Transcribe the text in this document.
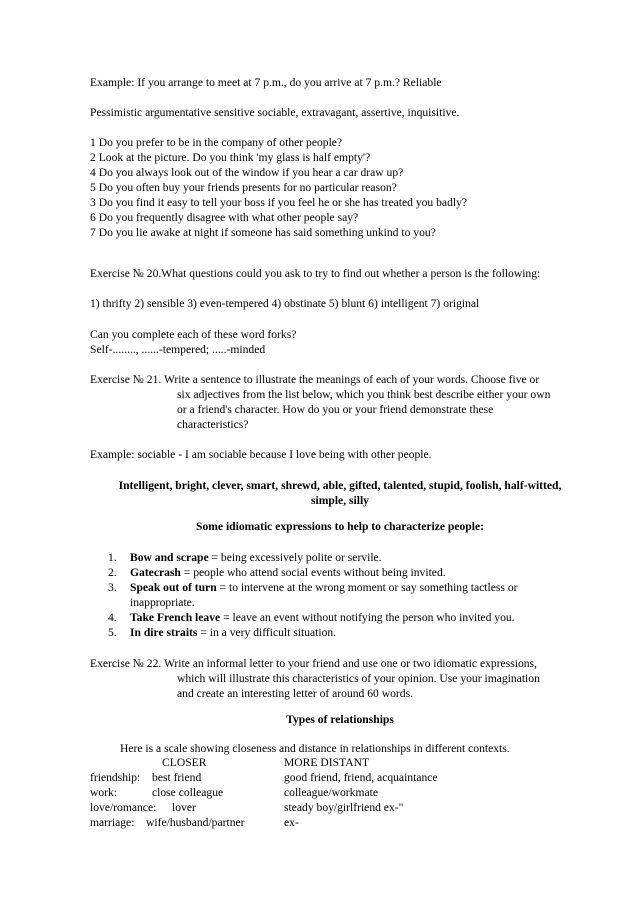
Example: If you arrange to meet at 7 p.m., do you arrive at 7 p.m.? Reliable
Pessimistic argumentative sensitive sociable, extravagant, assertive, inquisitive.
1 Do you prefer to be in the company of other people?
2 Look at the picture. Do you think 'my glass is half empty'?
4 Do you always look out of the window if you hear a car draw up?
5 Do you often buy your friends presents for no particular reason?
3 Do you find it easy to tell your boss if you feel he or she has treated you badly?
6 Do you frequently disagree with what other people say?
7 Do you lie awake at night if someone has said something unkind to you?
Exercise № 20.What questions could you ask to try to find out whether a person is the following:
1) thrifty 2) sensible 3) even-tempered 4) obstinate 5) blunt 6) intelligent 7) original
Can you complete each of these word forks?
Self-........, ......-tempered; .....-minded
Exercise № 21. Write a sentence to illustrate the meanings of each of your words. Choose five or
six adjectives from the list below, which you think best describe either your own
or a friend's character. How do you or your friend demonstrate these
characteristics?
Example: sociable - I am sociable because I love being with other people.
Intelligent, bright, clever, smart, shrewd, able, gifted, talented, stupid, foolish, half-witted,
simple, silly
Some idiomatic expressions to help to characterize people:
1. Bow and scrape = being excessively polite or servile.
2. Gatecrash = people who attend social events without being invited.
3. Speak out of turn = to intervene at the wrong moment or say something tactless or
inappropriate.
4. Take French leave = leave an event without notifying the person who invited you.
5. In dire straits = in a very difficult situation.
Exercise № 22. Write an informal letter to your friend and use one or two idiomatic expressions,
which will illustrate this characteristics of your opinion. Use your imagination
and create an interesting letter of around 60 words.
Types of relationships
Here is a scale showing closeness and distance in relationships in different contexts.
CLOSER	MORE DISTANT
friendship: best friend	good friend, friend, acquaintance
work:	close colleague	colleague/workmate
love/romance: lover	steady boy/girlfriend ex-"
marriage: wife/husband/partner	ex-
